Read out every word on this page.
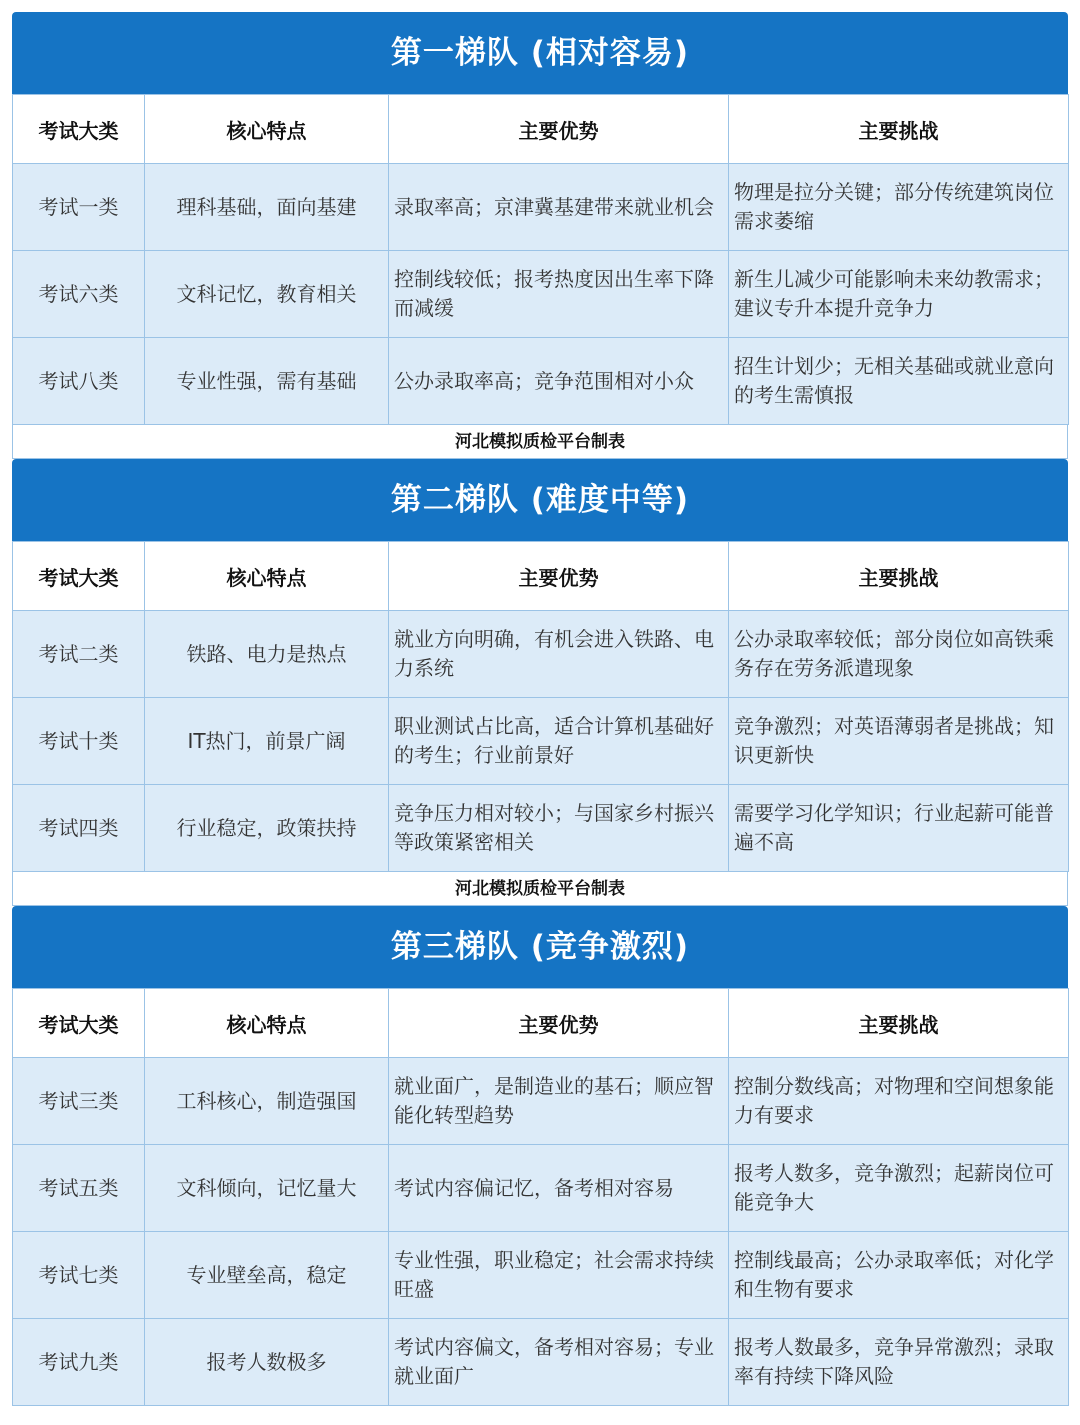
第一梯队 (相对容易)
考试大类	核心特点	主要优势	主要挑战
考试一类	理科基础，面向基建	录取率高；京津冀基建带来就业机会	物理是拉分关键；部分传统建筑岗位需求萎缩
考试六类	文科记忆，教育相关	控制线较低；报考热度因出生率下降而减缓	新生儿减少可能影响未来幼教需求；建议专升本提升竞争力
考试八类	专业性强，需有基础	公办录取率高；竞争范围相对小众	招生计划少；无相关基础或就业意向的考生需慎报
河北模拟质检平台制表
第二梯队 (难度中等)
考试大类	核心特点	主要优势	主要挑战
考试二类	铁路、电力是热点	就业方向明确，有机会进入铁路、电力系统	公办录取率较低；部分岗位如高铁乘务存在劳务派遣现象
考试十类	IT热门，前景广阔	职业测试占比高，适合计算机基础好的考生；行业前景好	竞争激烈；对英语薄弱者是挑战；知识更新快
考试四类	行业稳定，政策扶持	竞争压力相对较小；与国家乡村振兴等政策紧密相关	需要学习化学知识；行业起薪可能普遍不高
河北模拟质检平台制表
第三梯队 (竞争激烈)
考试大类	核心特点	主要优势	主要挑战
考试三类	工科核心，制造强国	就业面广，是制造业的基石；顺应智能化转型趋势	控制分数线高；对物理和空间想象能力有要求
考试五类	文科倾向，记忆量大	考试内容偏记忆，备考相对容易	报考人数多，竞争激烈；起薪岗位可能竞争大
考试七类	专业壁垒高，稳定	专业性强，职业稳定；社会需求持续旺盛	控制线最高；公办录取率低；对化学和生物有要求
考试九类	报考人数极多	考试内容偏文，备考相对容易；专业就业面广	报考人数最多，竞争异常激烈；录取率有持续下降风险
